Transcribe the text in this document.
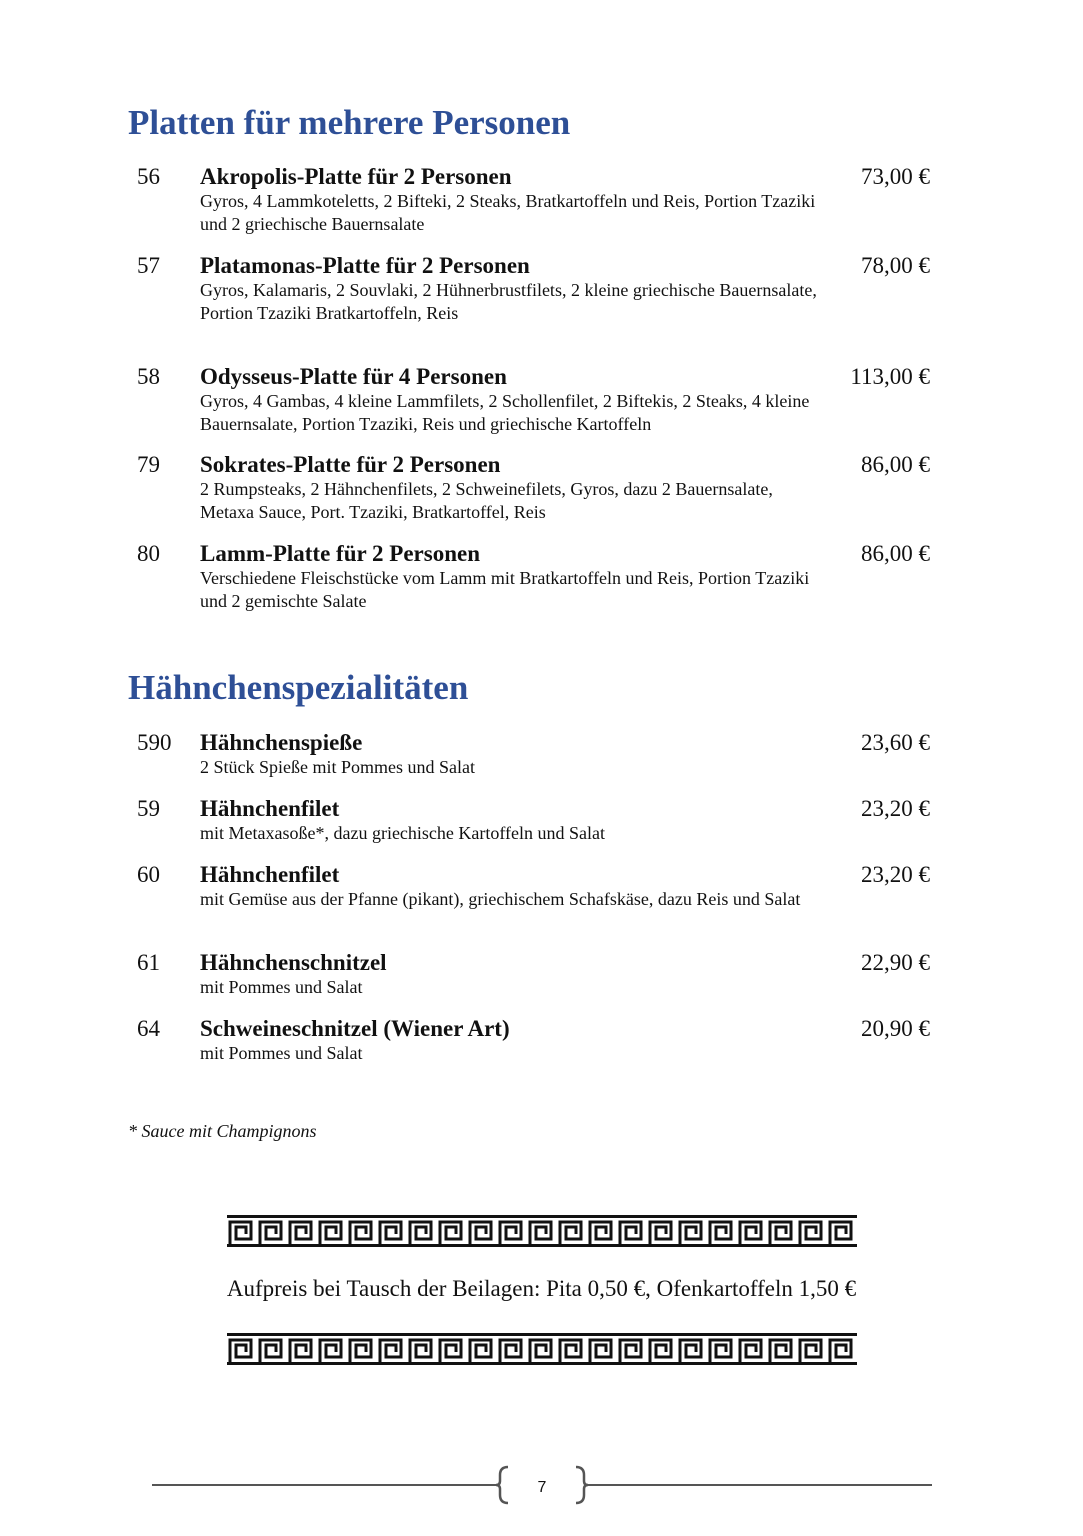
Platten für mehrere Personen
56 Akropolis-Platte für 2 Personen	73,00 €
Gyros, 4 Lammkoteletts, 2 Bifteki, 2 Steaks, Bratkartoffeln und Reis, Portion Tzaziki und 2 griechische Bauernsalate
57 Platamonas-Platte für 2 Personen	78,00 €
Gyros, Kalamaris, 2 Souvlaki, 2 Hühnerbrustfilets, 2 kleine griechische Bauernsalate, Portion Tzaziki Bratkartoffeln, Reis
58 Odysseus-Platte für 4 Personen	113,00 €
Gyros, 4 Gambas, 4 kleine Lammfilets, 2 Schollenfilet, 2 Biftekis, 2 Steaks, 4 kleine Bauernsalate, Portion Tzaziki, Reis und griechische Kartoffeln
79 Sokrates-Platte für 2 Personen	86,00 €
2 Rumpsteaks, 2 Hähnchenfilets, 2 Schweinefilets, Gyros, dazu 2 Bauernsalate, Metaxa Sauce, Port. Tzaziki, Bratkartoffel, Reis
80 Lamm-Platte für 2 Personen	86,00 €
Verschiedene Fleischstücke vom Lamm mit Bratkartoffeln und Reis, Portion Tzaziki und 2 gemischte Salate
Hähnchenspezialitäten
590 Hähnchenspieße	23,60 €
2 Stück Spieße mit Pommes und Salat
59 Hähnchenfilet	23,20 €
mit Metaxasoße*, dazu griechische Kartoffeln und Salat
60 Hähnchenfilet	23,20 €
mit Gemüse aus der Pfanne (pikant), griechischem Schafskäse, dazu Reis und Salat
61 Hähnchenschnitzel	22,90 €
mit Pommes und Salat
64 Schweineschnitzel (Wiener Art)	20,90 €
mit Pommes und Salat
* Sauce mit Champignons
Aufpreis bei Tausch der Beilagen: Pita 0,50 €, Ofenkartoffeln 1,50 €
7
